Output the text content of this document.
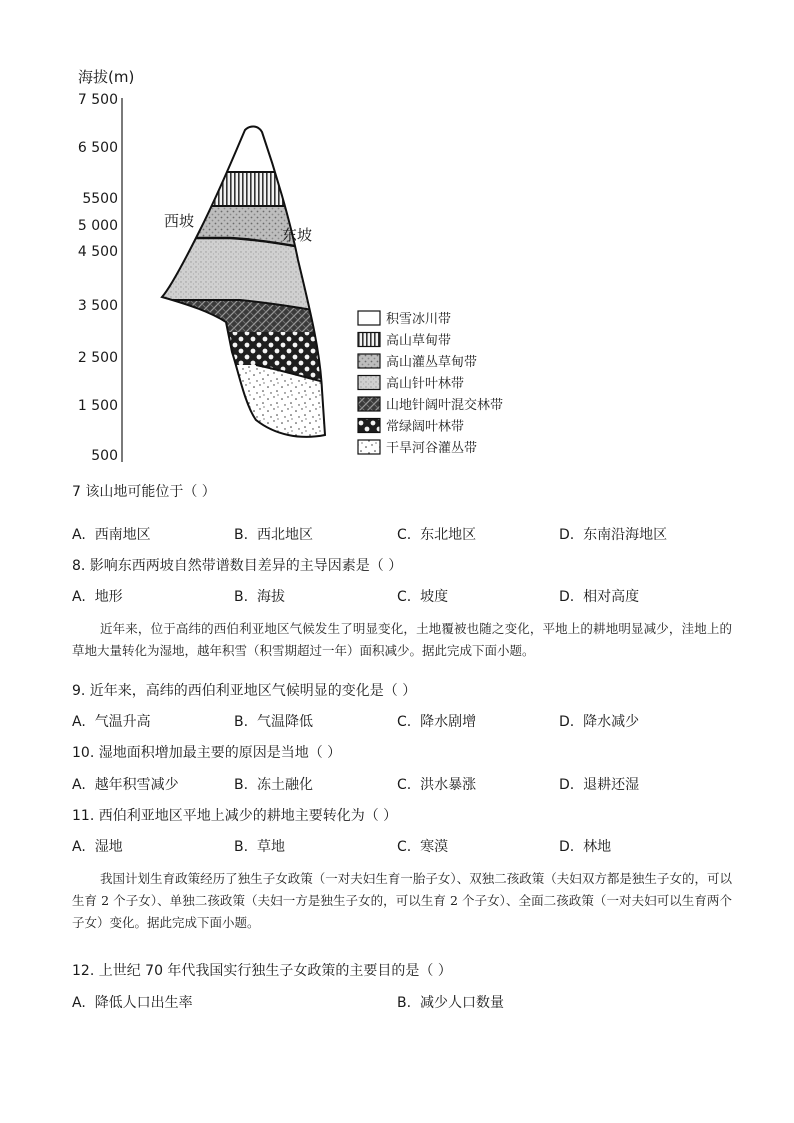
海拔(m)
7 500
6 500
5500
5 000
4 500
3 500
2 500
1 500
500
西坡
东坡
积雪冰川带
高山草甸带
高山灌丛草甸带
高山针叶林带
山地针阔叶混交林带
常绿阔叶林带
干旱河谷灌丛带
7 该山地可能位于（ ）
A. 西南地区	B. 西北地区	C. 东北地区	D. 东南沿海地区
8. 影响东西两坡自然带谱数目差异的主导因素是（ ）
A. 地形	B. 海拔	C. 坡度	D. 相对高度

近年来，位于高纬的西伯利亚地区气候发生了明显变化，土地覆被也随之变化，平地上的耕地明显减少，洼地上的草地大量转化为湿地，越年积雪（积雪期超过一年）面积减少。据此完成下面小题。

9. 近年来，高纬的西伯利亚地区气候明显的变化是（ ）
A. 气温升高	B. 气温降低	C. 降水剧增	D. 降水减少
10. 湿地面积增加最主要的原因是当地（ ）
A. 越年积雪减少	B. 冻土融化	C. 洪水暴涨	D. 退耕还湿
11. 西伯利亚地区平地上减少的耕地主要转化为（ ）
A. 湿地	B. 草地	C. 寒漠	D. 林地

我国计划生育政策经历了独生子女政策（一对夫妇生育一胎子女）、双独二孩政策（夫妇双方都是独生子女的，可以生育 2 个子女）、单独二孩政策（夫妇一方是独生子女的，可以生育 2 个子女）、全面二孩政策（一对夫妇可以生育两个子女）变化。据此完成下面小题。

12. 上世纪 70 年代我国实行独生子女政策的主要目的是（ ）
A. 降低人口出生率	B. 减少人口数量
